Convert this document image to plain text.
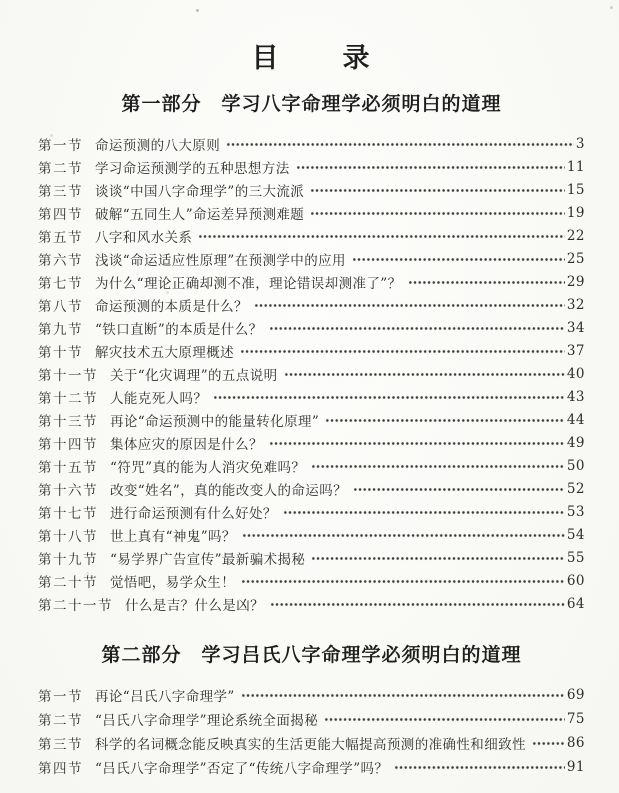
目 录
第一部分　学习八字命理学必须明白的道理
第一节 命运预测的八大原则	3
第二节 学习命运预测学的五种思想方法	11
第三节 谈谈“中国八字命理学”的三大流派	15
第四节 破解“五同生人”命运差异预测难题	19
第五节 八字和风水关系	22
第六节 浅谈“命运适应性原理”在预测学中的应用	25
第七节 为什么“理论正确却测不准，理论错误却测准了”？	29
第八节 命运预测的本质是什么？	32
第九节 “铁口直断”的本质是什么？	34
第十节 解灾技术五大原理概述	37
第十一节 关于“化灾调理”的五点说明	40
第十二节 人能克死人吗？	43
第十三节 再论“命运预测中的能量转化原理”	44
第十四节 集体应灾的原因是什么？	49
第十五节 “符咒”真的能为人消灾免难吗？	50
第十六节 改变“姓名”，真的能改变人的命运吗？	52
第十七节 进行命运预测有什么好处？	53
第十八节 世上真有“神鬼”吗？	54
第十九节 “易学界广告宣传”最新骗术揭秘	55
第二十节 觉悟吧，易学众生！	60
第二十一节 什么是吉？什么是凶？	64
第二部分　学习吕氏八字命理学必须明白的道理
第一节 再论“吕氏八字命理学”	69
第二节 “吕氏八字命理学”理论系统全面揭秘	75
第三节 科学的名词概念能反映真实的生活更能大幅提高预测的准确性和细致性	86
第四节 “吕氏八字命理学”否定了“传统八字命理学”吗？	91
